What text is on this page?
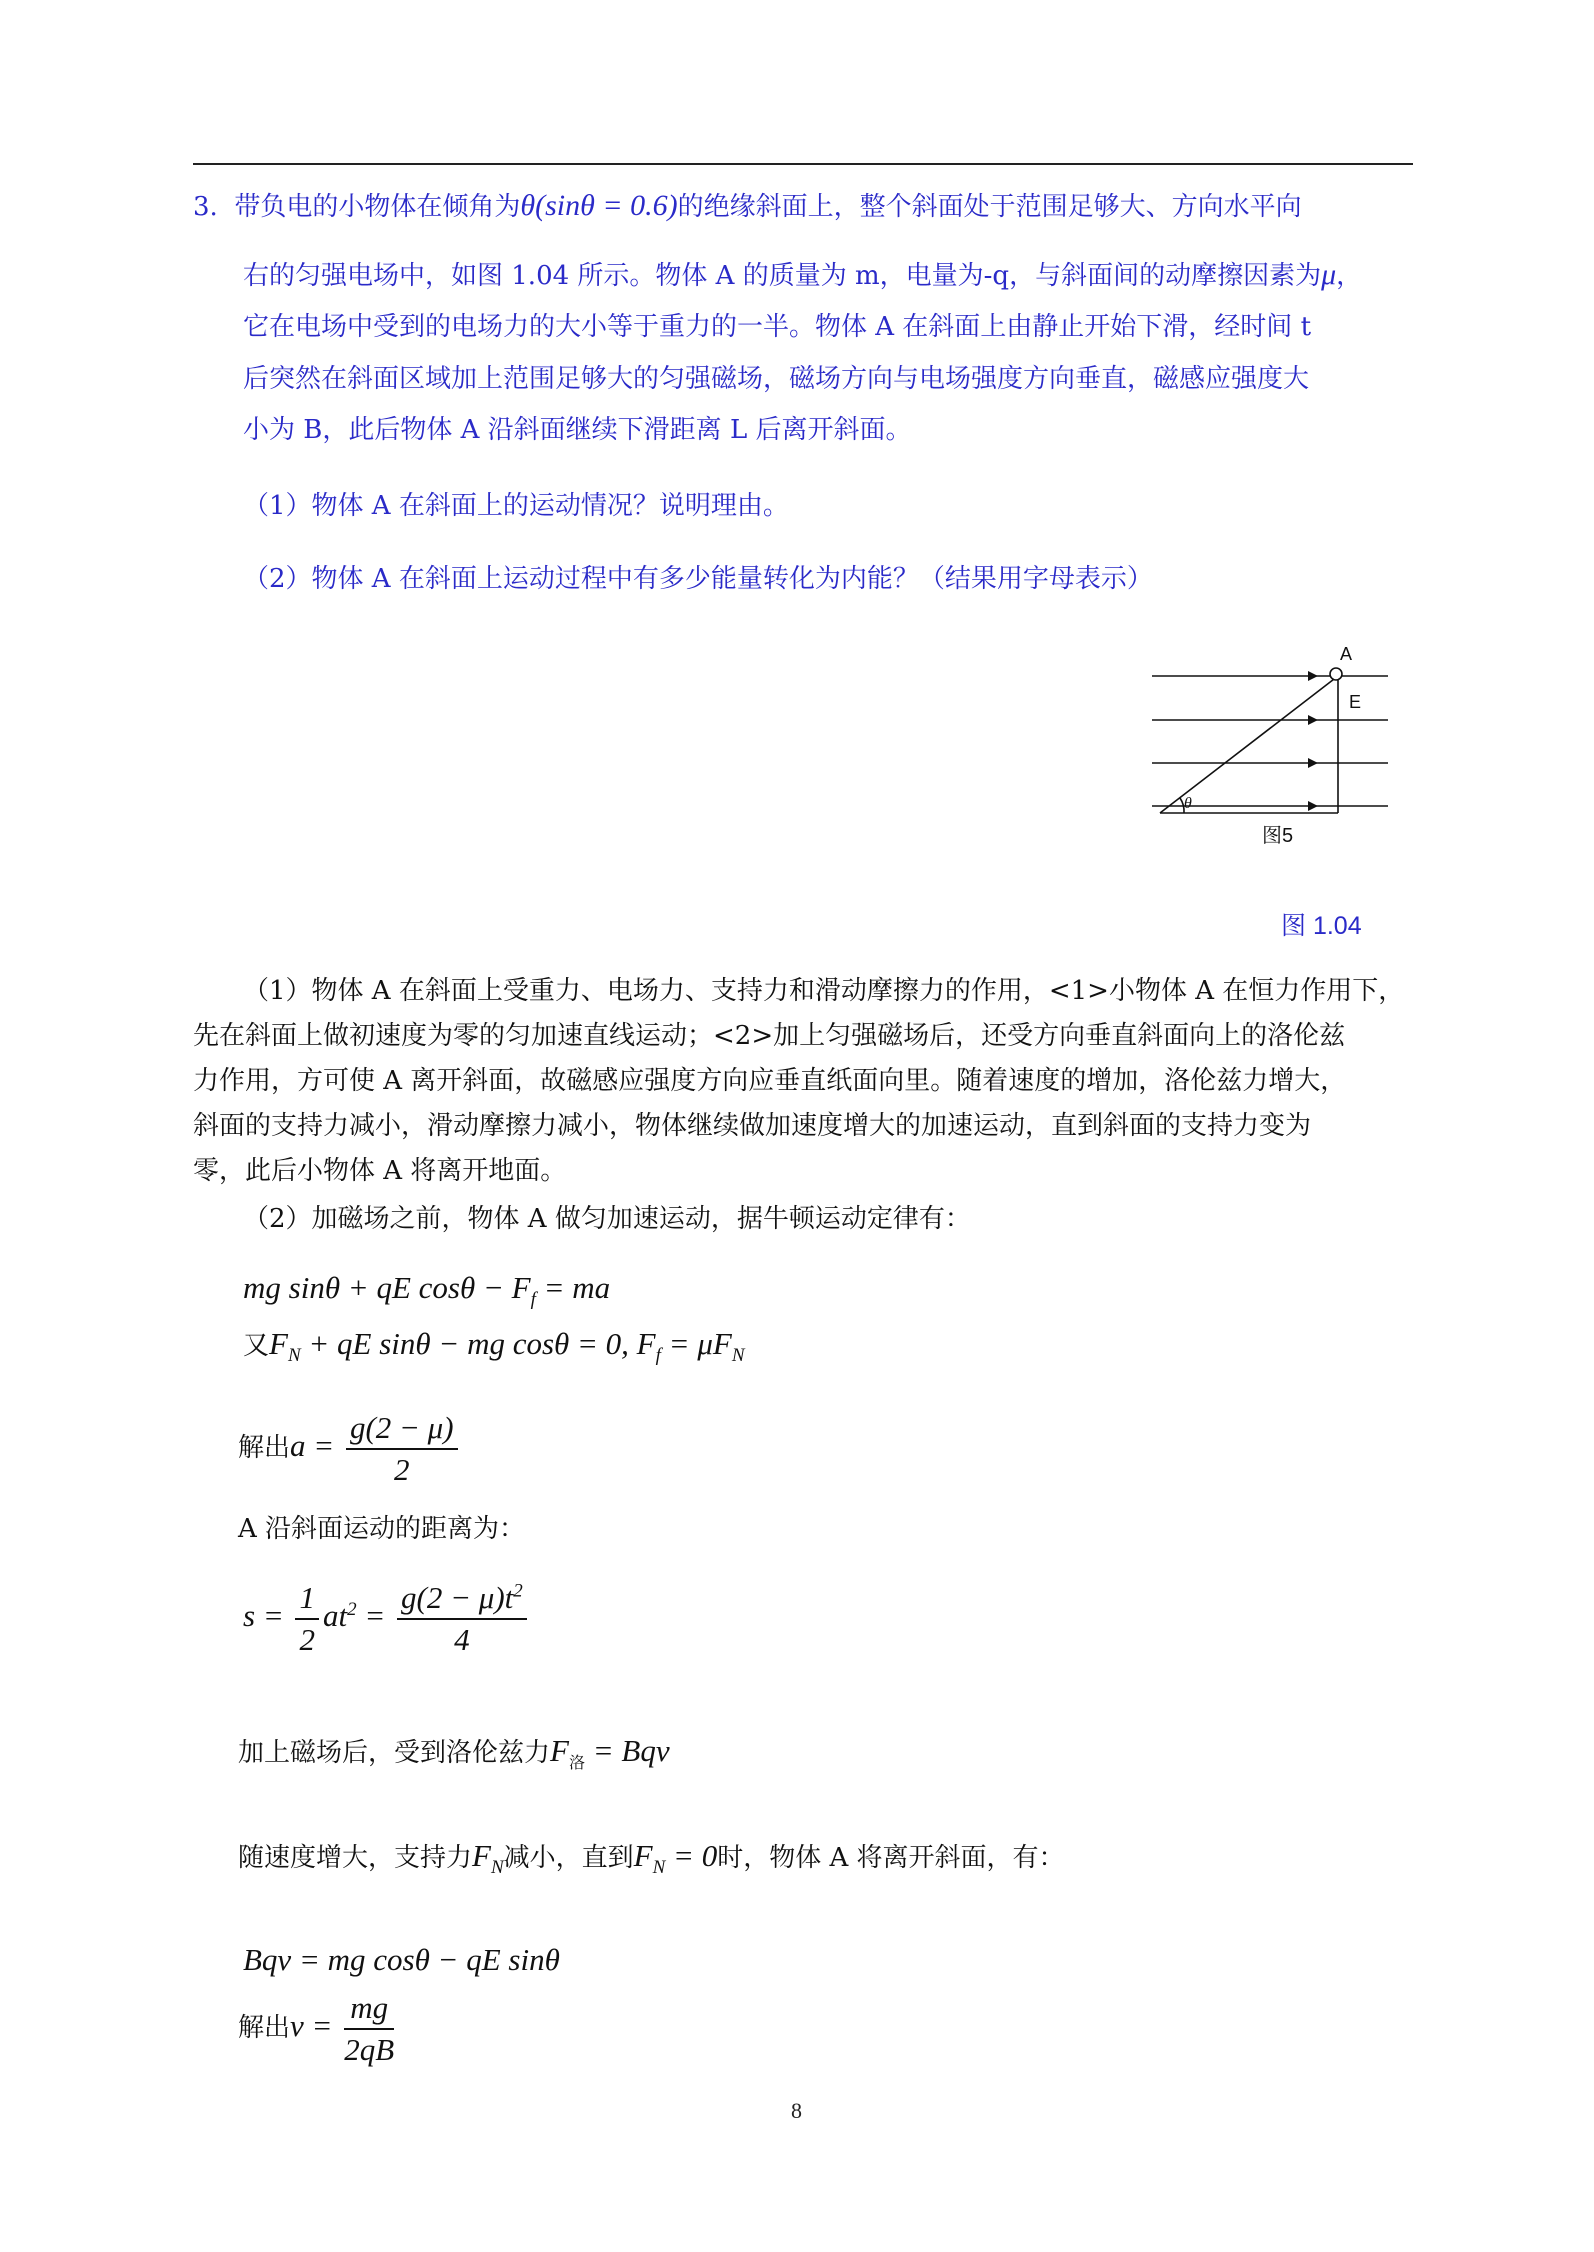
3. 带负电的小物体在倾角为θ(sinθ = 0.6)的绝缘斜面上，整个斜面处于范围足够大、方向水平向
右的匀强电场中，如图 1.04 所示。物体 A 的质量为 m，电量为-q，与斜面间的动摩擦因素为μ，
它在电场中受到的电场力的大小等于重力的一半。物体 A 在斜面上由静止开始下滑，经时间 t
后突然在斜面区域加上范围足够大的匀强磁场，磁场方向与电场强度方向垂直，磁感应强度大
小为 B，此后物体 A 沿斜面继续下滑距离 L 后离开斜面。
（1）物体 A 在斜面上的运动情况？说明理由。
（2）物体 A 在斜面上运动过程中有多少能量转化为内能？（结果用字母表示）
A
E
θ
图5
图 1.04
（1）物体 A 在斜面上受重力、电场力、支持力和滑动摩擦力的作用，<1>小物体 A 在恒力作用下，
先在斜面上做初速度为零的匀加速直线运动；<2>加上匀强磁场后，还受方向垂直斜面向上的洛伦兹
力作用，方可使 A 离开斜面，故磁感应强度方向应垂直纸面向里。随着速度的增加，洛伦兹力增大，
斜面的支持力减小，滑动摩擦力减小，物体继续做加速度增大的加速运动，直到斜面的支持力变为
零，此后小物体 A 将离开地面。
（2）加磁场之前，物体 A 做匀加速运动，据牛顿运动定律有：
mg sinθ + qE $\cos\theta - F_f$ = ma
又$F_N$ + qE sinθ − mg cosθ = 0, $F_f = \mu F_N$
解出$a = \frac{g(2 - \mu)}{2}$
A 沿斜面运动的距离为：
$s = \frac{1}{2} at^2 = \frac{g(2 - \mu)t^2}{4}$
加上磁场后，受到洛伦兹力$F_洛$ = Bqv
随速度增大，支持力$F_N$减小，直到$F_N = 0$时，物体 A 将离开斜面，有：
Bqv = mg cosθ − qE sinθ
解出$v = \frac{mg}{2qB}$
8
